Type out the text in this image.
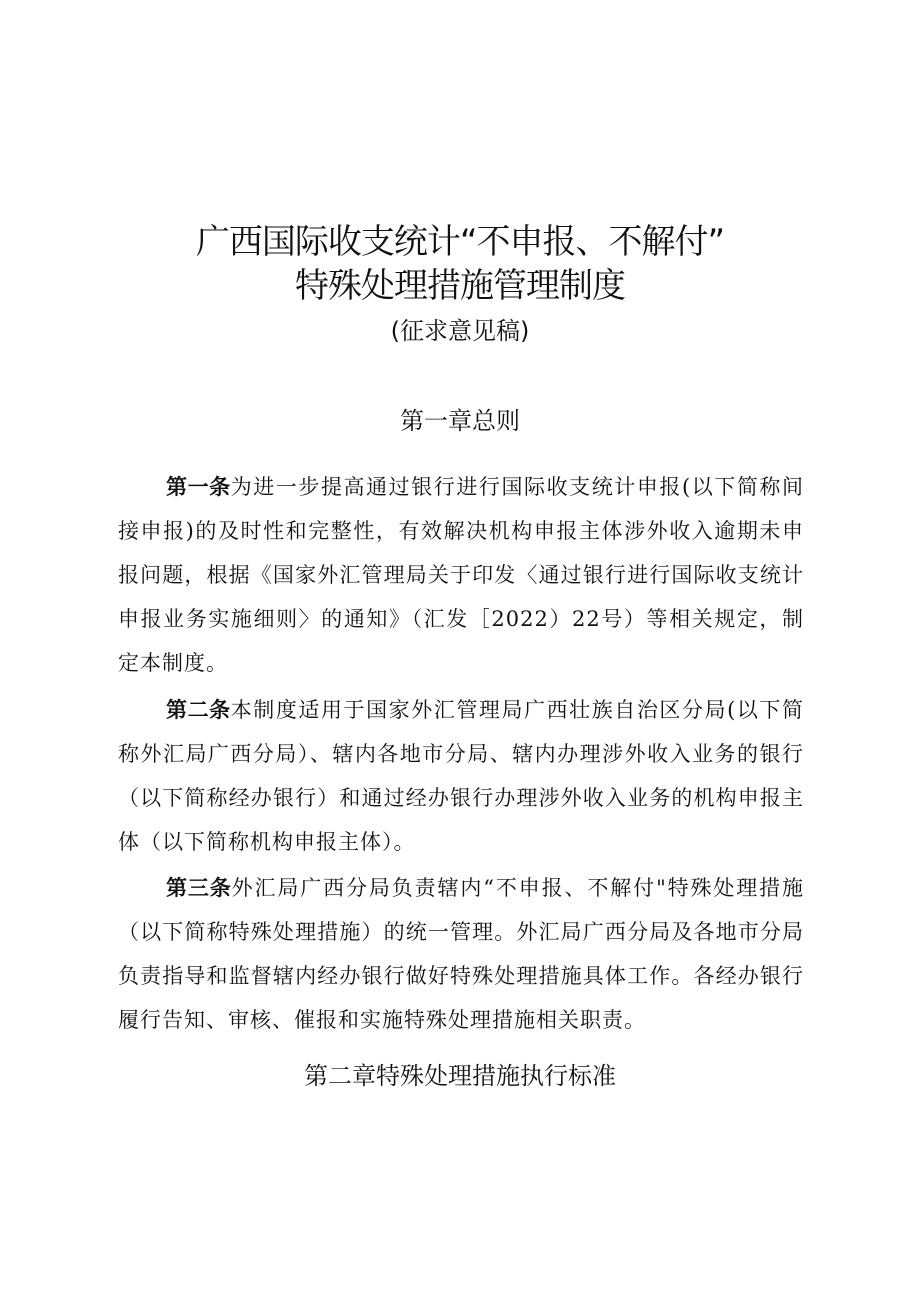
广西国际收支统计“不申报、不解付”
特殊处理措施管理制度
(征求意见稿)
第一章总则
第一条为进一步提高通过银行进行国际收支统计申报(以下简称间接申报)的及时性和完整性，有效解决机构申报主体涉外收入逾期未申报问题，根据《国家外汇管理局关于印发〈通过银行进行国际收支统计申报业务实施细则〉的通知》（汇发［2022）22号）等相关规定，制定本制度。
第二条本制度适用于国家外汇管理局广西壮族自治区分局(以下简称外汇局广西分局）、辖内各地市分局、辖内办理涉外收入业务的银行（以下简称经办银行）和通过经办银行办理涉外收入业务的机构申报主体（以下简称机构申报主体）。
第三条外汇局广西分局负责辖内“不申报、不解付"特殊处理措施（以下简称特殊处理措施）的统一管理。外汇局广西分局及各地市分局负责指导和监督辖内经办银行做好特殊处理措施具体工作。各经办银行履行告知、审核、催报和实施特殊处理措施相关职责。
第二章特殊处理措施执行标准
